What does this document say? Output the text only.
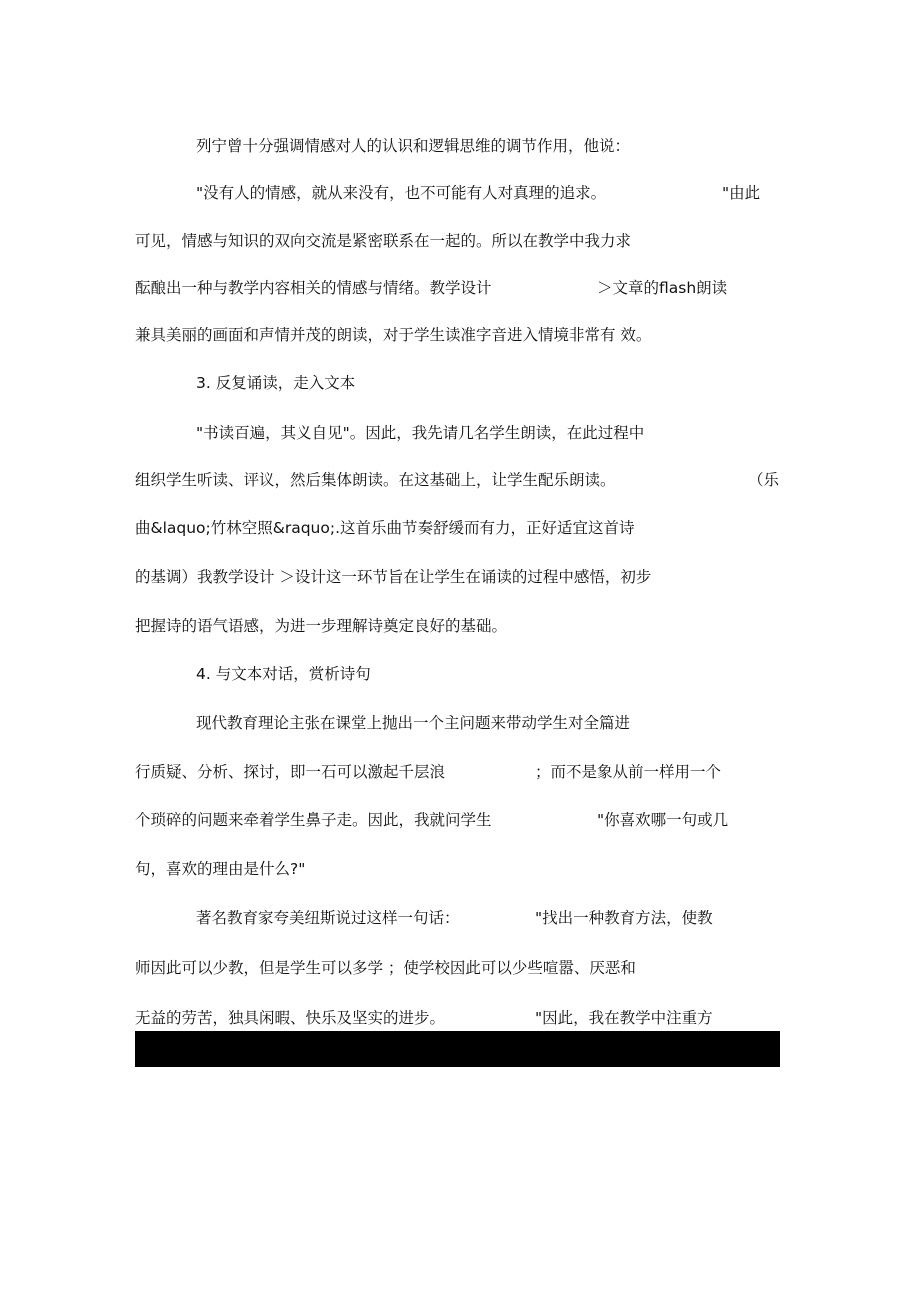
列宁曾十分强调情感对人的认识和逻辑思维的调节作用，他说：
"没有人的情感，就从来没有，也不可能有人对真理的追求。	"由此
可见，情感与知识的双向交流是紧密联系在一起的。所以在教学中我力求
酝酿出一种与教学内容相关的情感与情绪。教学设计	＞文章的flash朗读
兼具美丽的画面和声情并茂的朗读，对于学生读准字音进入情境非常有 效。
3. 反复诵读，走入文本
"书读百遍，其义自见"。因此，我先请几名学生朗读，在此过程中
组织学生听读、评议，然后集体朗读。在这基础上，让学生配乐朗读。	（乐
曲&laquo;竹林空照&raquo;.这首乐曲节奏舒缓而有力，正好适宜这首诗
的基调）我教学设计 ＞设计这一环节旨在让学生在诵读的过程中感悟，初步
把握诗的语气语感，为进一步理解诗奠定良好的基础。
4. 与文本对话，赏析诗句
现代教育理论主张在课堂上抛出一个主问题来带动学生对全篇进
行质疑、分析、探讨，即一石可以激起千层浪	；而不是象从前一样用一个
个琐碎的问题来牵着学生鼻子走。因此，我就问学生	"你喜欢哪一句或几
句，喜欢的理由是什么?"
著名教育家夸美纽斯说过这样一句话：	"找出一种教育方法，使教
师因此可以少教，但是学生可以多学 ；使学校因此可以少些喧嚣、厌恶和
无益的劳苦，独具闲暇、快乐及坚实的进步。	"因此，我在教学中注重方
